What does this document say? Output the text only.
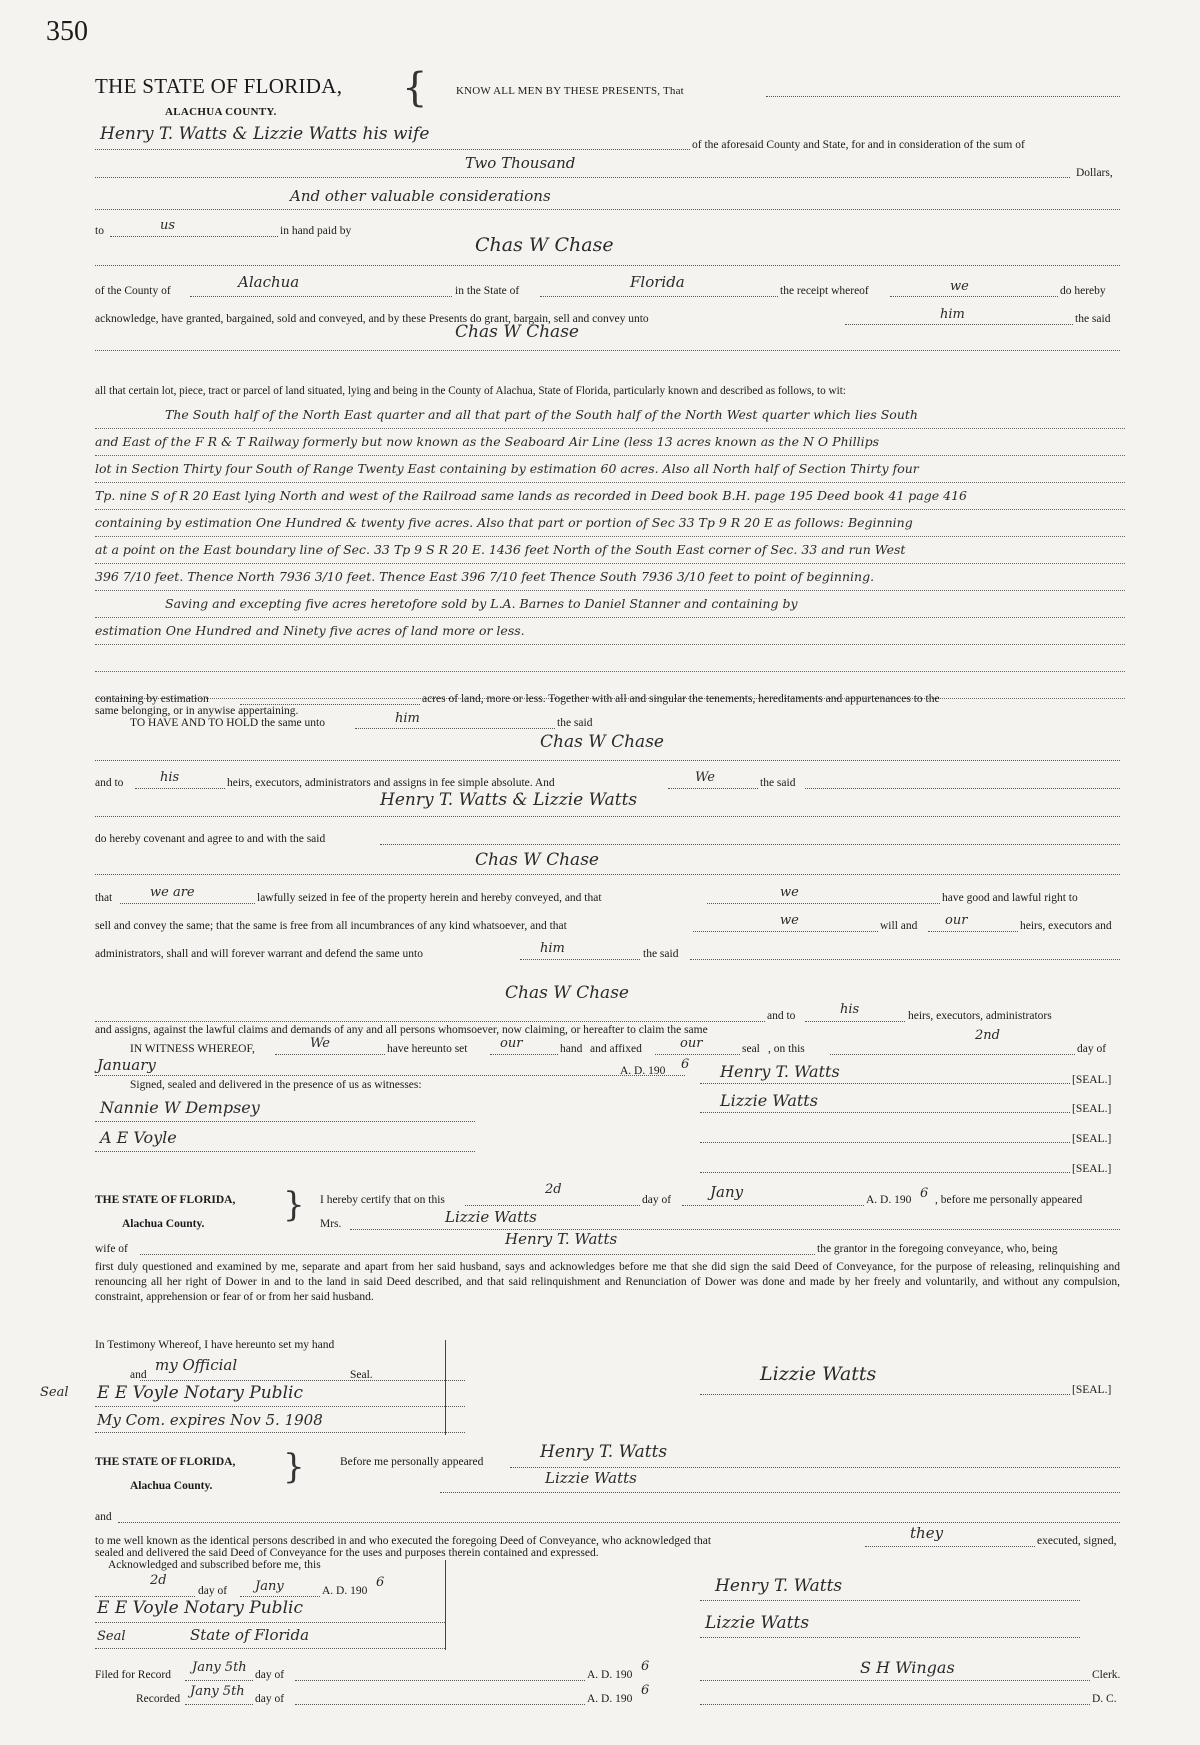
350
THE STATE OF FLORIDA,
ALACHUA COUNTY.
{	KNOW ALL MEN BY THESE PRESENTS, That
Henry T. Watts & Lizzie Watts his wife
of the aforesaid County and State, for and in consideration of the sum of
Two Thousand
Dollars,
And other valuable considerations
to	us	in hand paid by
Chas W Chase
of the County of	Alachua	in the State of	Florida	the receipt whereof	we	do hereby
acknowledge, have granted, bargained, sold and conveyed, and by these Presents do grant, bargain, sell and convey unto	him	the said
Chas W Chase
all that certain lot, piece, tract or parcel of land situated, lying and being in the County of Alachua, State of Florida, particularly known and described as follows, to wit:
The South half of the North East quarter and all that part of the South half of the North West quarter which lies South
and East of the F R & T Railway formerly but now known as the Seaboard Air Line (less 13 acres known as the N O Phillips
lot in Section Thirty four South of Range Twenty East containing by estimation 60 acres. Also all North half of Section Thirty four
Tp. nine S of R 20 East lying North and west of the Railroad same lands as recorded in Deed book B.H. page 195 Deed book 41 page 416
containing by estimation One Hundred & twenty five acres. Also that part or portion of Sec 33 Tp 9 R 20 E as follows: Beginning
at a point on the East boundary line of Sec. 33 Tp 9 S R 20 E. 1436 feet North of the South East corner of Sec. 33 and run West
396 7/10 feet. Thence North 7936 3/10 feet. Thence East 396 7/10 feet Thence South 7936 3/10 feet to point of beginning.
Saving and excepting five acres heretofore sold by L.A. Barnes to Daniel Stanner and containing by
estimation One Hundred and Ninety five acres of land more or less.
containing by estimation	acres of land, more or less. Together with all and singular the tenements, hereditaments and appurtenances to the
same belonging, or in anywise appertaining.
TO HAVE AND TO HOLD the same unto	him	the said
Chas W Chase
and to	his	heirs, executors, administrators and assigns in fee simple absolute. And	We	the said
Henry T. Watts & Lizzie Watts
do hereby covenant and agree to and with the said
Chas W Chase
that	we are	lawfully seized in fee of the property herein and hereby conveyed, and that	we	have good and lawful right to
sell and convey the same; that the same is free from all incumbrances of any kind whatsoever, and that	we	will and our	heirs, executors and
administrators, shall and will forever warrant and defend the same unto	him	the said
Chas W Chase
and to	his	heirs, executors, administrators
and assigns, against the lawful claims and demands of any and all persons whomsoever, now claiming, or hereafter to claim the same
IN WITNESS WHEREOF,	We	have hereunto set	our	hand and affixed	our	seal , on this
2nd
day of
January	A. D. 190 6
Signed, sealed and delivered in the presence of us as witnesses:
Henry T. Watts	[SEAL.]
Lizzie Watts	[SEAL.]
[SEAL.]
[SEAL.]
Nannie W Dempsey
A E Voyle
THE STATE OF FLORIDA,
Alachua County. } I hereby certify that on this
2d
day of	Jany	A. D. 190 6 , before me personally appeared
Mrs.	Lizzie Watts
wife of
Henry T. Watts
the grantor in the foregoing conveyance, who, being
first duly questioned and examined by me, separate and apart from her said husband, says and acknowledges before me that she did sign the said Deed of Conveyance, for the purpose of releasing, relinquishing and renouncing all her right of Dower in and to the land in said Deed described, and that said relinquishment and Renunciation of Dower was done and made by her freely and voluntarily, and without any compulsion, constraint, apprehension or fear of or from her said husband.
In Testimony Whereof, I have hereunto set my hand
and
my Official
Seal.
Seal E E Voyle Notary Public
My Com. expires Nov 5. 1908
Lizzie Watts
[SEAL.]
THE STATE OF FLORIDA,
Alachua County. }	Before me personally appeared	Henry T. Watts
Lizzie Watts
and
to me well known as the identical persons described in and who executed the foregoing Deed of Conveyance, who acknowledged that	they	executed, signed,
sealed and delivered the said Deed of Conveyance for the uses and purposes therein contained and expressed.
Acknowledged and subscribed before me, this
2d
day of Jany	A. D. 190
6
E E Voyle Notary Public
Seal	State of Florida
Henry T. Watts
Lizzie Watts
Filed for Record Jany 5th day of	A. D. 190
6
Recorded Jany 5th day of	A. D. 190
6
S H Wingas	Clerk.
D. C.
